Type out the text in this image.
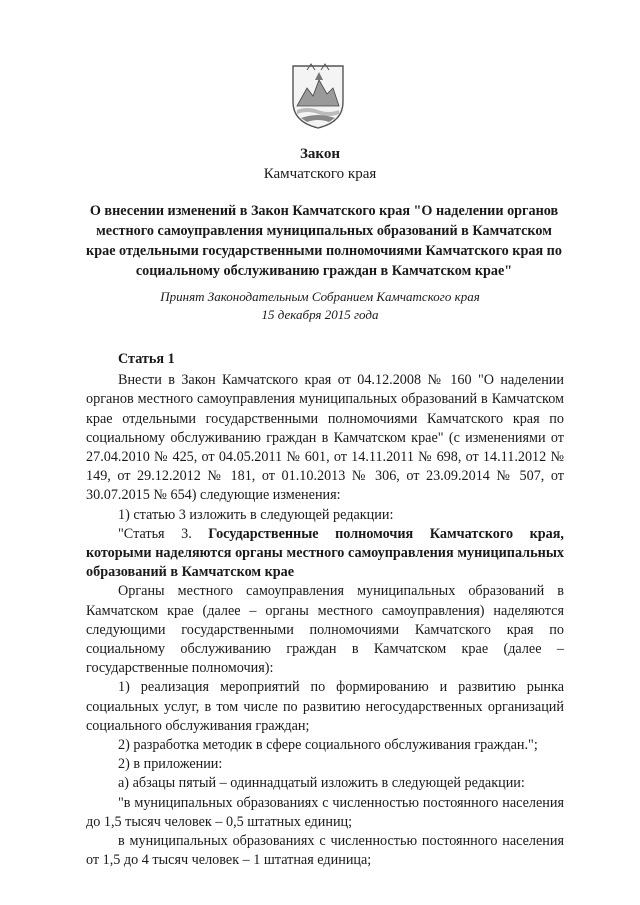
Закон
Камчатского края
О внесении изменений в Закон Камчатского края "О наделении органов местного самоуправления муниципальных образований в Камчатском крае отдельными государственными полномочиями Камчатского края по социальному обслуживанию граждан в Камчатском крае"
Принят Законодательным Собранием Камчатского края
15 декабря 2015 года

Статья 1

Внести в Закон Камчатского края от 04.12.2008 № 160 "О наделении органов местного самоуправления муниципальных образований в Камчатском крае отдельными государственными полномочиями Камчатского края по социальному обслуживанию граждан в Камчатском крае" (с изменениями от 27.04.2010 № 425, от 04.05.2011 № 601, от 14.11.2011 № 698, от 14.11.2012 № 149, от 29.12.2012 № 181, от 01.10.2013 № 306, от 23.09.2014 № 507, от 30.07.2015 № 654) следующие изменения:

1) статью 3 изложить в следующей редакции:

"Статья 3. Государственные полномочия Камчатского края, которыми наделяются органы местного самоуправления муниципальных образований в Камчатском крае

Органы местного самоуправления муниципальных образований в Камчатском крае (далее – органы местного самоуправления) наделяются следующими государственными полномочиями Камчатского края по социальному обслуживанию граждан в Камчатском крае (далее – государственные полномочия):

1) реализация мероприятий по формированию и развитию рынка социальных услуг, в том числе по развитию негосударственных организаций социального обслуживания граждан;

2) разработка методик в сфере социального обслуживания граждан.";

2) в приложении:

а) абзацы пятый – одиннадцатый изложить в следующей редакции:

"в муниципальных образованиях с численностью постоянного населения до 1,5 тысяч человек – 0,5 штатных единиц;

в муниципальных образованиях с численностью постоянного населения от 1,5 до 4 тысяч человек – 1 штатная единица;
